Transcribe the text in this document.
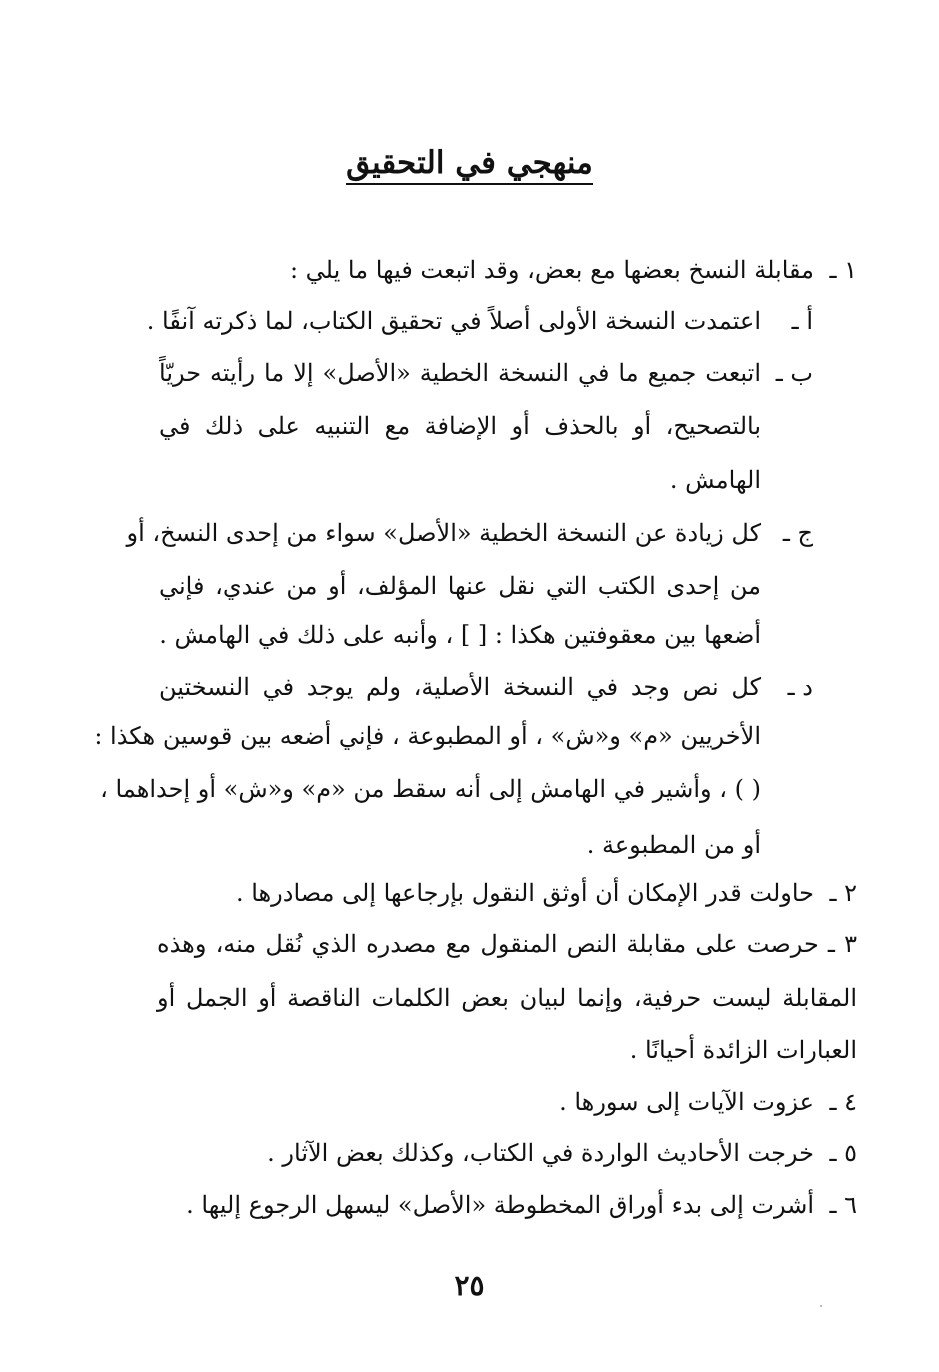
منهجي في التحقيق
١ ـ
مقابلة النسخ بعضها مع بعض، وقد اتبعت فيها ما يلي :
أ ـ
اعتمدت النسخة الأولى أصلاً في تحقيق الكتاب، لما ذكرته آنفًا .
ب ـ
اتبعت جميع ما في النسخة الخطية «الأصل» إلا ما رأيته حريّاً
بالتصحيح، أو بالحذف أو الإضافة مع التنبيه على ذلك في
الهامش .
ج ـ
كل زيادة عن النسخة الخطية «الأصل» سواء من إحدى النسخ، أو
من إحدى الكتب التي نقل عنها المؤلف، أو من عندي، فإني
أضعها بين معقوفتين هكذا : [ ] ، وأنبه على ذلك في الهامش .
د ـ
كل نص وجد في النسخة الأصلية، ولم يوجد في النسختين
الأخريين «م» و«ش» ، أو المطبوعة ، فإني أضعه بين قوسين هكذا :
( ) ، وأشير في الهامش إلى أنه سقط من «م» و«ش» أو إحداهما ،
أو من المطبوعة .
٢ ـ
حاولت قدر الإمكان أن أوثق النقول بإرجاعها إلى مصادرها .
٣ ـ حرصت على مقابلة النص المنقول مع مصدره الذي نُقل منه، وهذه
المقابلة ليست حرفية، وإنما لبيان بعض الكلمات الناقصة أو الجمل أو
العبارات الزائدة أحيانًا .
٤ ـ
عزوت الآيات إلى سورها .
٥ ـ
خرجت الأحاديث الواردة في الكتاب، وكذلك بعض الآثار .
٦ ـ
أشرت إلى بدء أوراق المخطوطة «الأصل» ليسهل الرجوع إليها .
٢٥
